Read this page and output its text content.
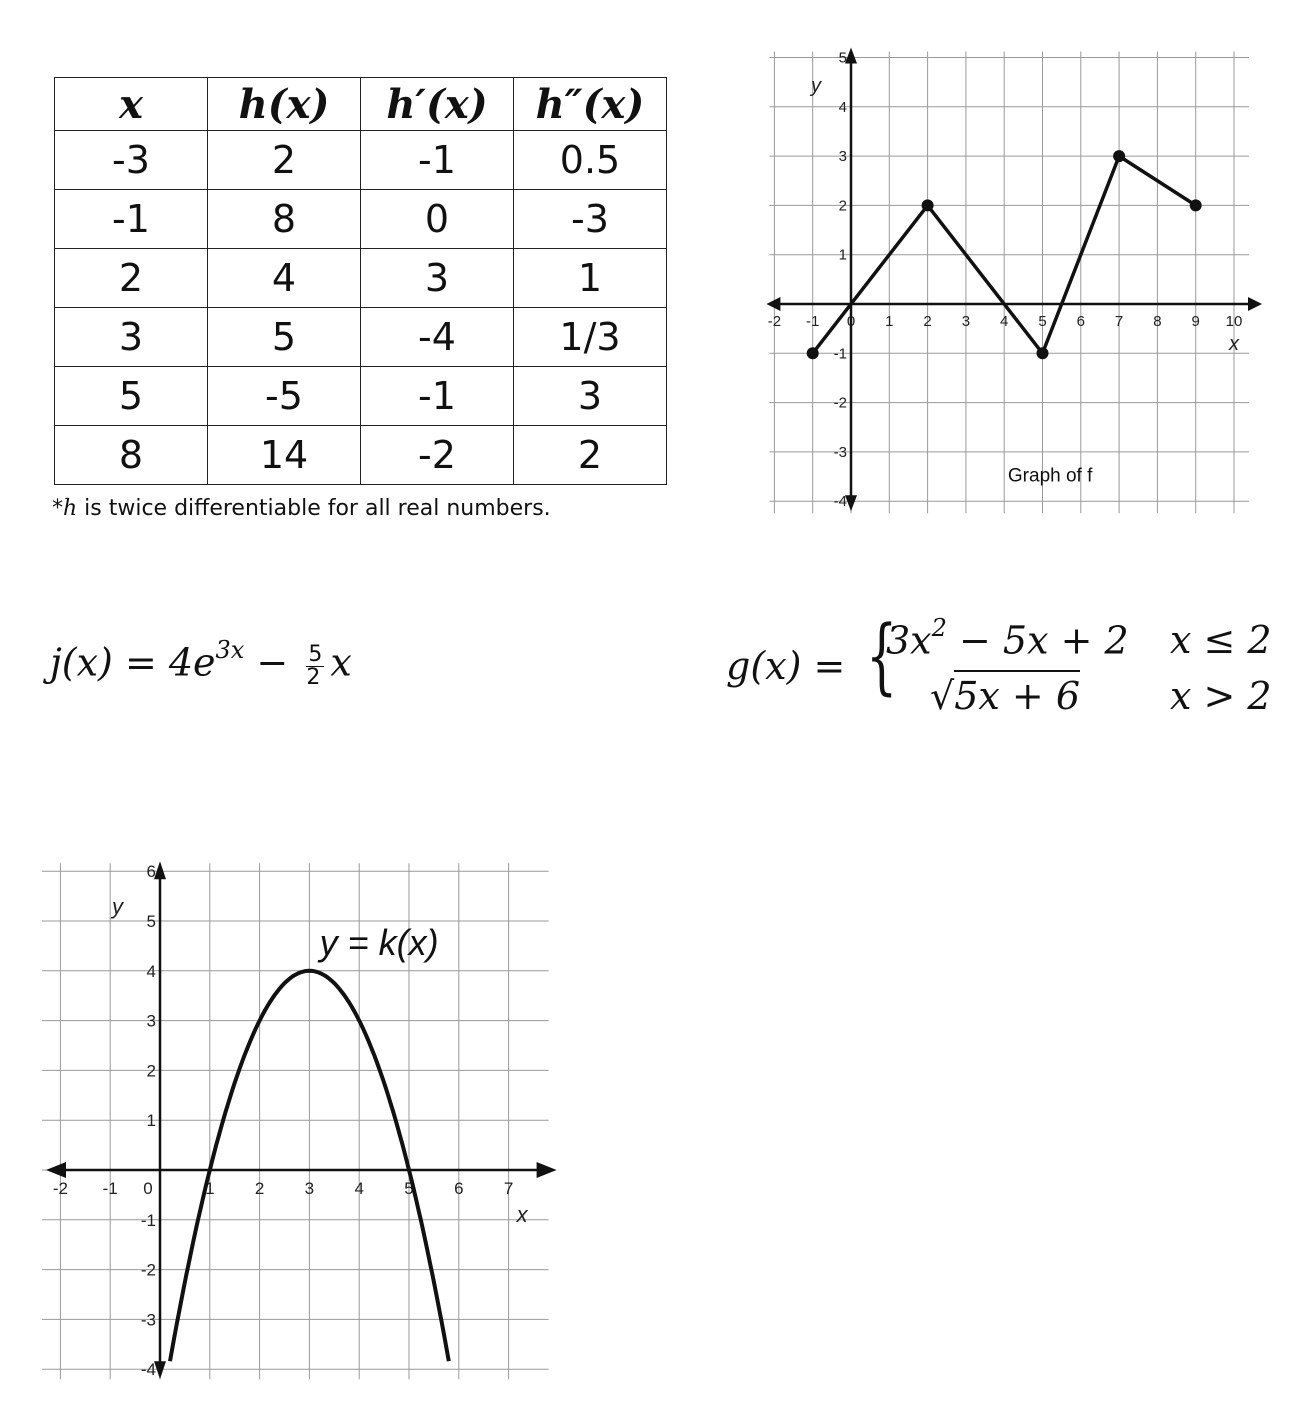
x	h(x)	h′(x)	h″(x)
-3	2	-1	0.5
-1	8	0	-3
2	4	3	1
3	5	-4	1/3
5	-5	-1	3
8	14	-2	2
*h is twice differentiable for all real numbers.
$j(x) = 4e^{3x} - \frac{5}{2}$ x	g(x) = {
$3x^2 - 5x + 2$ x ≤ 2
√5x + 6 x > 2
-2 -1 0 1 2 3 4 5 6 7 8 9 10
5
4
3
2
1
-1
-2
-3
-4
x
y
Graph of f
-2 -1 0	1 2 3 4 5 6 7
6
5
4
3
2
1
-1
-2
-3
-4
x
y
y = k(x)
